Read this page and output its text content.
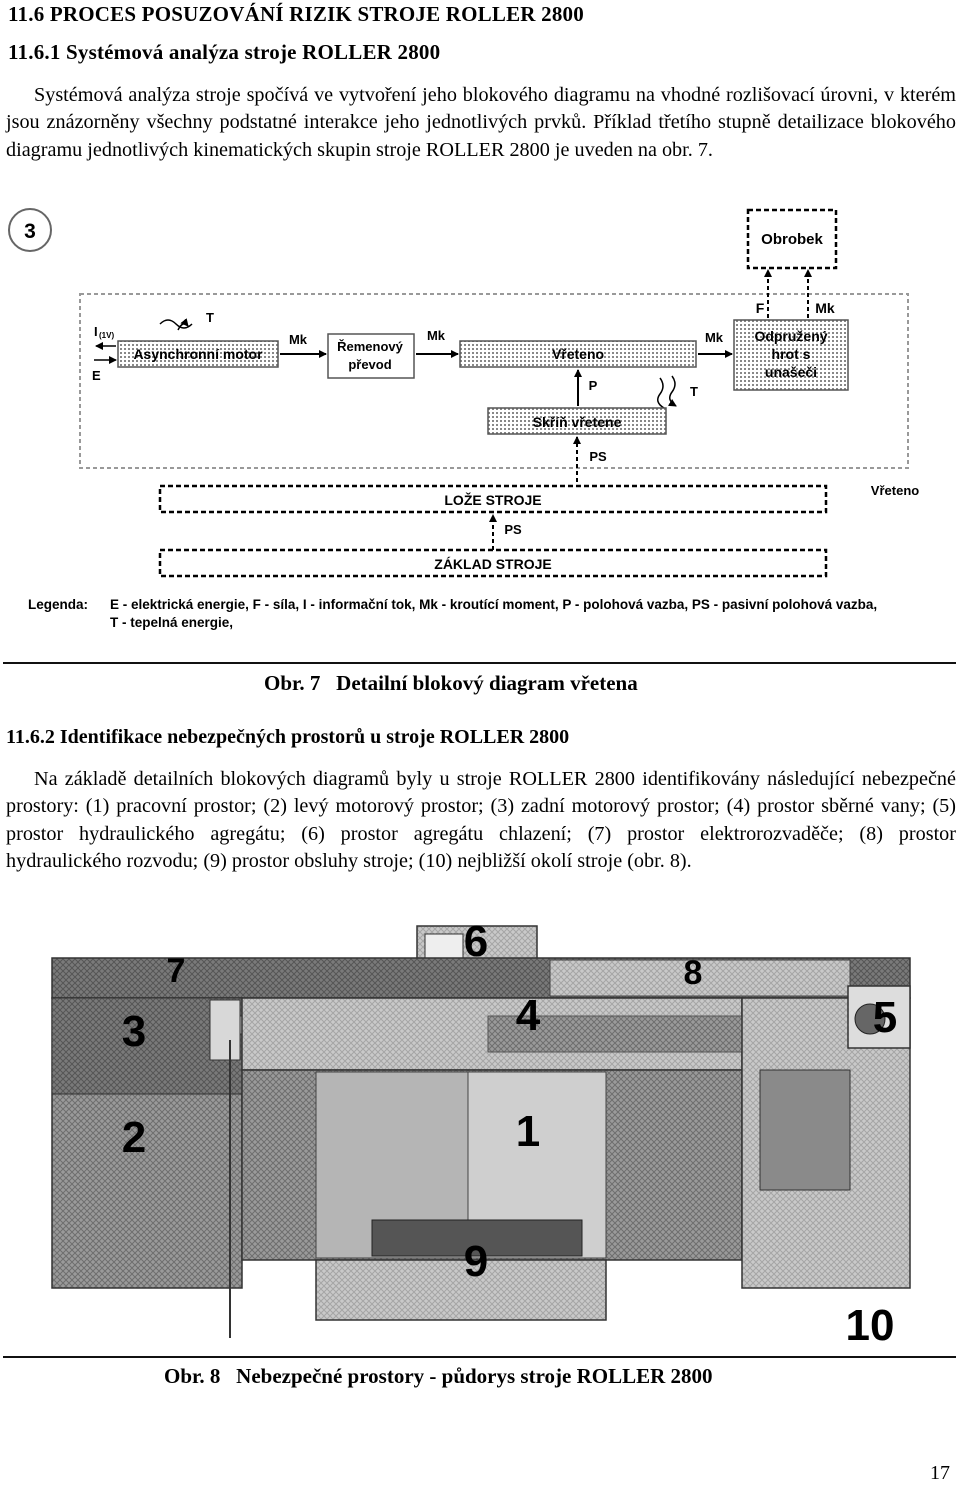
11.6 PROCES POSUZOVÁNÍ RIZIK STROJE ROLLER 2800
11.6.1 Systémová analýza stroje ROLLER 2800
Systémová analýza stroje spočívá ve vytvoření jeho blokového diagramu na vhodné rozlišovací úrovni, v kterém jsou znázorněny všechny podstatné interakce jeho jednotlivých prvků. Příklad třetího stupně detailizace blokového diagramu jednotlivých kinematických skupin stroje ROLLER 2800 je uveden na obr. 7.
3	Obrobek
F	Mk
Asynchronní motor
I (1V)
E
T
Mk Řemenový
převod
Mk
Vřeteno
Mk Odpružený
hrot s
unašeči
P	T
Skříň vřetene
PS
Vřeteno
LOŽE STROJE
PS
ZÁKLAD STROJE
Legenda: E - elektrická energie, F - síla, I - informační tok, Mk - kroutící moment, P - polohová vazba, PS - pasivní polohová vazba,
T - tepelná energie,
Obr. 7   Detailní blokový diagram vřetena
11.6.2 Identifikace nebezpečných prostorů u stroje ROLLER 2800
Na základě detailních blokových diagramů byly u stroje ROLLER 2800 identifikovány následující nebezpečné prostory: (1) pracovní prostor; (2) levý motorový prostor; (3) zadní motorový prostor; (4) prostor sběrné vany; (5) prostor hydraulického agregátu; (6) prostor agregátu chlazení; (7) prostor elektrorozvaděče; (8) prostor hydraulického rozvodu; (9) prostor obsluhy stroje; (10) nejbližší okolí stroje (obr. 8).
6
7	8
3	4	5
2	1
9
10
Obr. 8   Nebezpečné prostory - půdorys stroje ROLLER 2800
17
